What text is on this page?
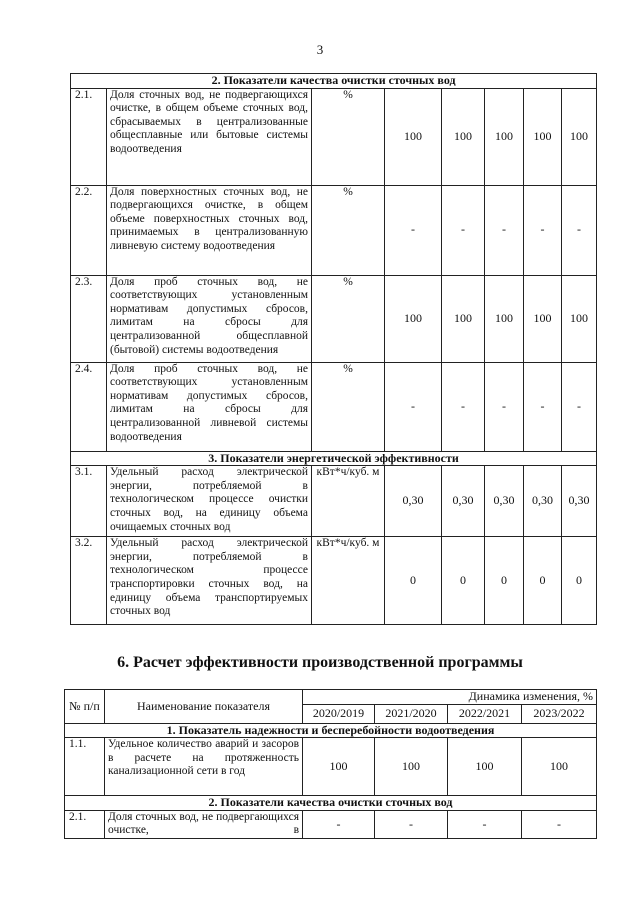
3
2. Показатели качества очистки сточных вод							
2.1.	Доля сточных вод, не подвергающихся очистке, в общем объеме сточных вод, сбрасываемых в централизованные общесплавные или бытовые системы водоотведения	%	100	100	100	100	100
2.2.	Доля поверхностных сточных вод, не подвергающихся очистке, в общем объеме поверхностных сточных вод, принимаемых в централизованную ливневую систему водоотведения	%	-	-	-	-	-
2.3.	Доля проб сточных вод, не соответствующих установленным нормативам допустимых сбросов, лимитам на сбросы для централизованной общесплавной (бытовой) системы водоотведения	%	100	100	100	100	100
2.4.	Доля проб сточных вод, не соответствующих установленным нормативам допустимых сбросов, лимитам на сбросы для централизованной ливневой системы водоотведения	%	-	-	-	-	-
3. Показатели энергетической эффективности							
3.1.	Удельный расход электрической энергии, потребляемой в технологическом процессе очистки сточных вод, на единицу объема очищаемых сточных вод	кВт*ч/куб. м	0,30	0,30	0,30	0,30	0,30
3.2.	Удельный расход электрической энергии, потребляемой в технологическом процессе транспортировки сточных вод, на единицу объема транспортируемых сточных вод	кВт*ч/куб. м	0	0	0	0	0
6. Расчет эффективности производственной программы
№ п/п	Наименование показателя	Динамика изменения, %			
		2020/2019	2021/2020	2022/2021	2023/2022
1. Показатель надежности и бесперебойности водоотведения					
1.1.	Удельное количество аварий и засоров в расчете на протяженность канализационной сети в год	100	100	100	100
2. Показатели качества очистки сточных вод					
2.1.	Доля сточных вод, не подвергающихся очистке, в	-	-	-	-
